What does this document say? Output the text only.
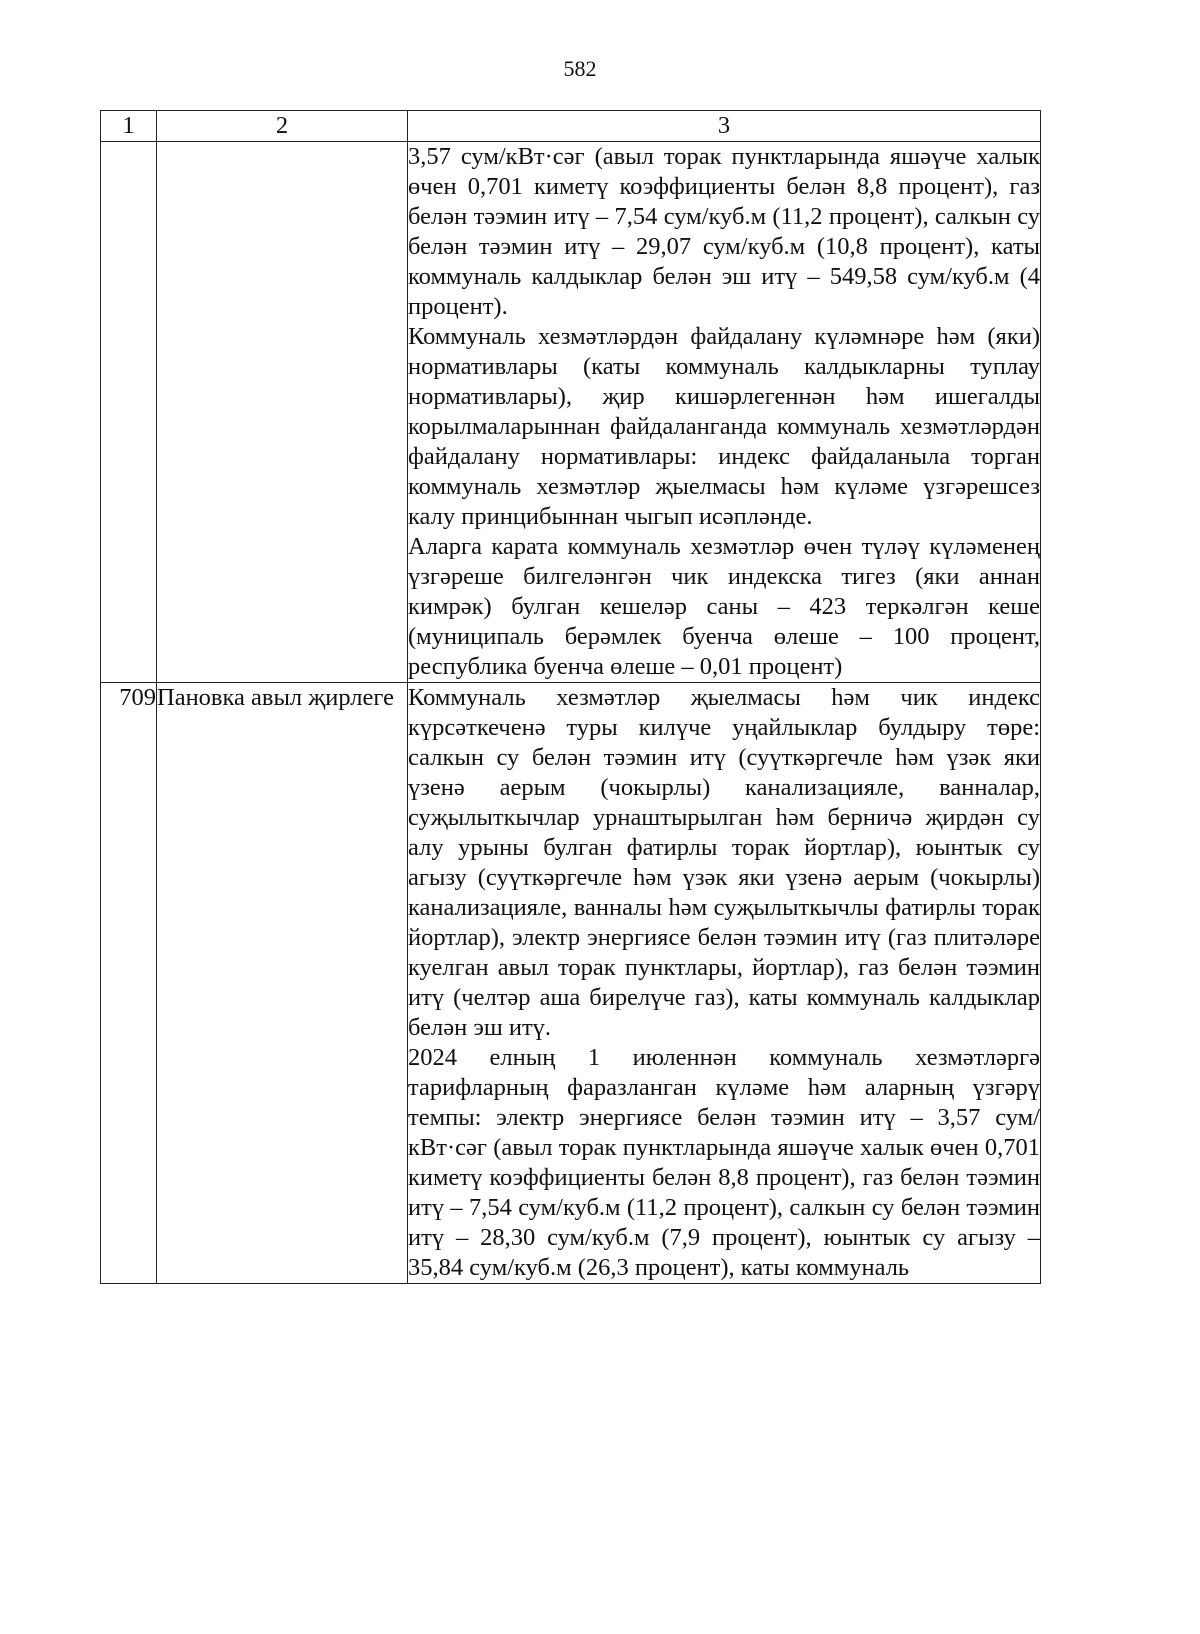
582
1	2	3

		3,57 сум/кВт·сәг (авыл торак пунктларында яшәүче халык өчен 0,701 киметү коэффициенты белән 8,8 процент), газ белән тәэмин итү – 7,54 сум/куб.м (11,2 процент), салкын су белән тәэмин итү – 29,07 сум/куб.м (10,8 процент), каты коммуналь калдыклар белән эш итү – 549,58 сум/куб.м (4 процент).

Коммуналь хезмәтләрдән файдалану күләмнәре һәм (яки) нормативлары (каты коммуналь калдыкларны туплау нормативлары), җир кишәрлегеннән һәм ишегалды корылмаларыннан файдаланганда коммуналь хезмәтләрдән файдалану нормативлары: индекс файдаланыла торган коммуналь хезмәтләр җыелмасы һәм күләме үзгәрешсез калу принцибыннан чыгып исәпләнде.

Аларга карата коммуналь хезмәтләр өчен түләү күләменең үзгәреше билгеләнгән чик индекска тигез (яки аннан кимрәк) булган кешеләр саны – 423 теркәлгән кеше (муниципаль берәмлек буенча өлеше – 100 процент, республика буенча өлеше – 0,01 процент)

709	Пановка авыл җирлеге	Коммуналь хезмәтләр җыелмасы һәм чик индекс күрсәткеченә туры килүче уңайлыклар булдыру төре: салкын су белән тәэмин итү (суүткәргечле һәм үзәк яки үзенә аерым (чокырлы) канализацияле, ванналар, суҗылыткычлар урнаштырылган һәм берничә җирдән су алу урыны булган фатирлы торак йортлар), юынтык су агызу (суүткәргечле һәм үзәк яки үзенә аерым (чокырлы) канализацияле, ванналы һәм суҗылыткычлы фатирлы торак йортлар), электр энергиясе белән тәэмин итү (газ плитәләре куелган авыл торак пунктлары, йортлар), газ белән тәэмин итү (челтәр аша бирелүче газ), каты коммуналь калдыклар белән эш итү.

2024 елның 1 июленнән коммуналь хезмәтләргә тарифларның фаразланган күләме һәм аларның үзгәрү темпы: электр энергиясе белән тәэмин итү – 3,57 сум/кВт·сәг (авыл торак пунктларында яшәүче халык өчен 0,701 киметү коэффициенты белән 8,8 процент), газ белән тәэмин итү – 7,54 сум/куб.м (11,2 процент), салкын су белән тәэмин итү – 28,30 сум/куб.м (7,9 процент), юынтык су агызу – 35,84 сум/куб.м (26,3 процент), каты коммуналь
